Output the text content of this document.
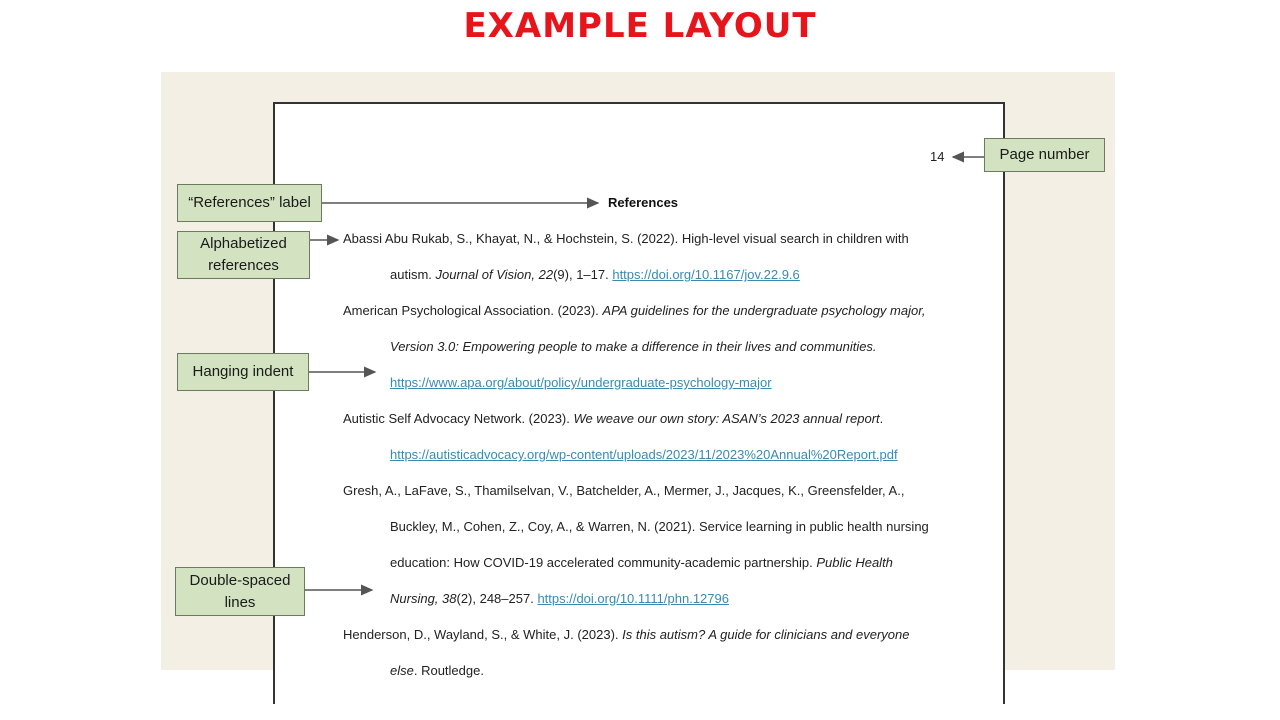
EXAMPLE LAYOUT
14
References
Abassi Abu Rukab, S., Khayat, N., & Hochstein, S. (2022). High-level visual search in children with
autism. Journal of Vision, 22(9), 1–17. https://doi.org/10.1167/jov.22.9.6
American Psychological Association. (2023). APA guidelines for the undergraduate psychology major,
Version 3.0: Empowering people to make a difference in their lives and communities.
https://www.apa.org/about/policy/undergraduate-psychology-major
Autistic Self Advocacy Network. (2023). We weave our own story: ASAN’s 2023 annual report.
https://autisticadvocacy.org/wp-content/uploads/2023/11/2023%20Annual%20Report.pdf
Gresh, A., LaFave, S., Thamilselvan, V., Batchelder, A., Mermer, J., Jacques, K., Greensfelder, A.,
Buckley, M., Cohen, Z., Coy, A., & Warren, N. (2021). Service learning in public health nursing
education: How COVID-19 accelerated community-academic partnership. Public Health
Nursing, 38(2), 248–257. https://doi.org/10.1111/phn.12796
Henderson, D., Wayland, S., & White, J. (2023). Is this autism? A guide for clinicians and everyone
else. Routledge.
Page number
“References” label
Alphabetized references
Hanging indent
Double-spaced lines
